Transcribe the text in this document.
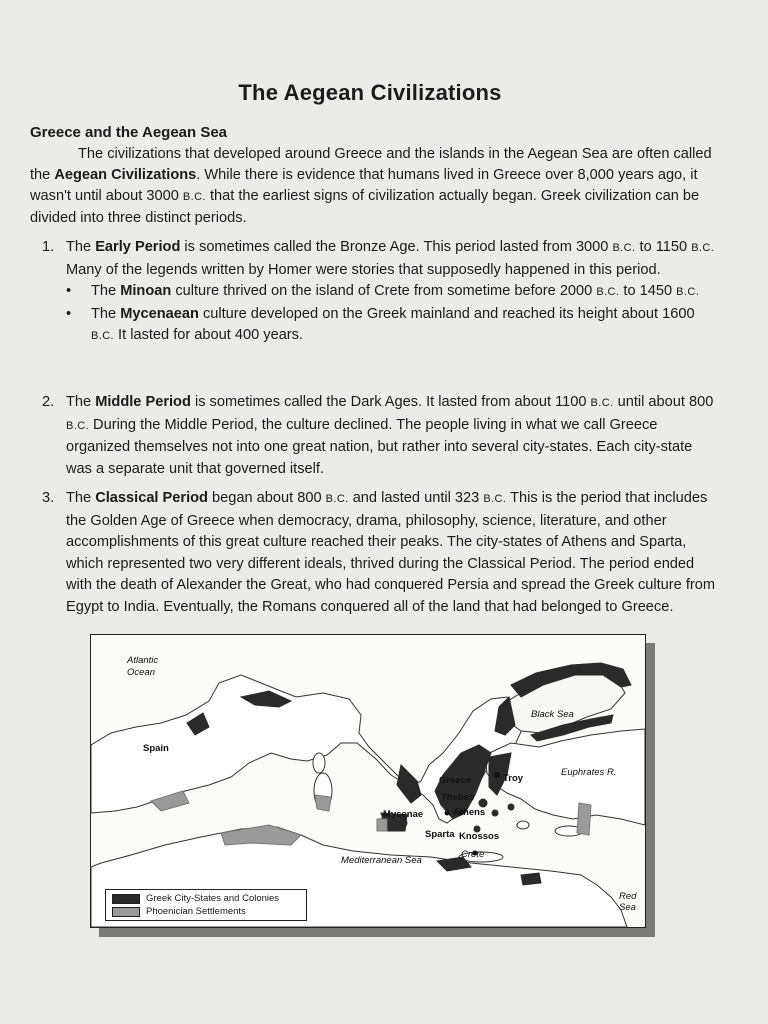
The Aegean Civilizations

Greece and the Aegean Sea

The civilizations that developed around Greece and the islands in the Aegean Sea are often called the Aegean Civilizations. While there is evidence that humans lived in Greece over 8,000 years ago, it wasn't until about 3000 B.C. that the earliest signs of civilization actually began. Greek civilization can be divided into three distinct periods.

1. The Early Period is sometimes called the Bronze Age. This period lasted from 3000 B.C. to 1150 B.C. Many of the legends written by Homer were stories that supposedly happened in this period.

• The Minoan culture thrived on the island of Crete from sometime before 2000 B.C. to 1450 B.C.
• The Mycenaean culture developed on the Greek mainland and reached its height about 1600 B.C. It lasted for about 400 years.
2. The Middle Period is sometimes called the Dark Ages. It lasted from about 1100 B.C. until about 800 B.C. During the Middle Period, the culture declined. The people living in what we call Greece organized themselves not into one great nation, but rather into several city-states. Each city-state was a separate unit that governed itself.

3. The Classical Period began about 800 B.C. and lasted until 323 B.C. This is the period that includes the Golden Age of Greece when democracy, drama, philosophy, science, literature, and other accomplishments of this great culture reached their peaks. The city-states of Athens and Sparta, which represented two very different ideals, thrived during the Classical Period. The period ended with the death of Alexander the Great, who had conquered Persia and spread the Greek culture from Egypt to India. Eventually, the Romans conquered all of the land that had belonged to Greece.

Atlantic
Ocean
Black Sea
Euphrates R.
Mediterranean Sea
Crete
Red
Sea
Spain
Greece
Thebes
Mycenae	Athens
Sparta Knossos
Troy
Greek City-States and Colonies
Phoenician Settlements
